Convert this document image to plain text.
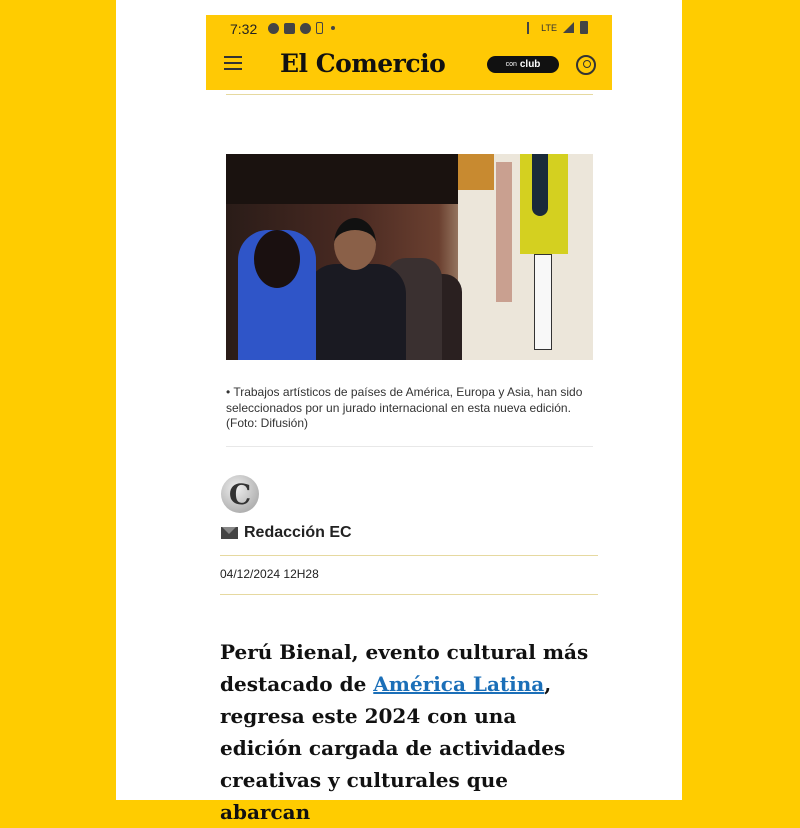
7:32	LTE
El Comercio	con club
• Trabajos artísticos de países de América, Europa y Asia, han sido seleccionados por un jurado internacional en esta nueva edición. (Foto: Difusión)
C
Redacción EC
04/12/2024 12H28

Perú Bienal, evento cultural más destacado de América Latina, regresa este 2024 con una edición cargada de actividades creativas y culturales que abarcan
